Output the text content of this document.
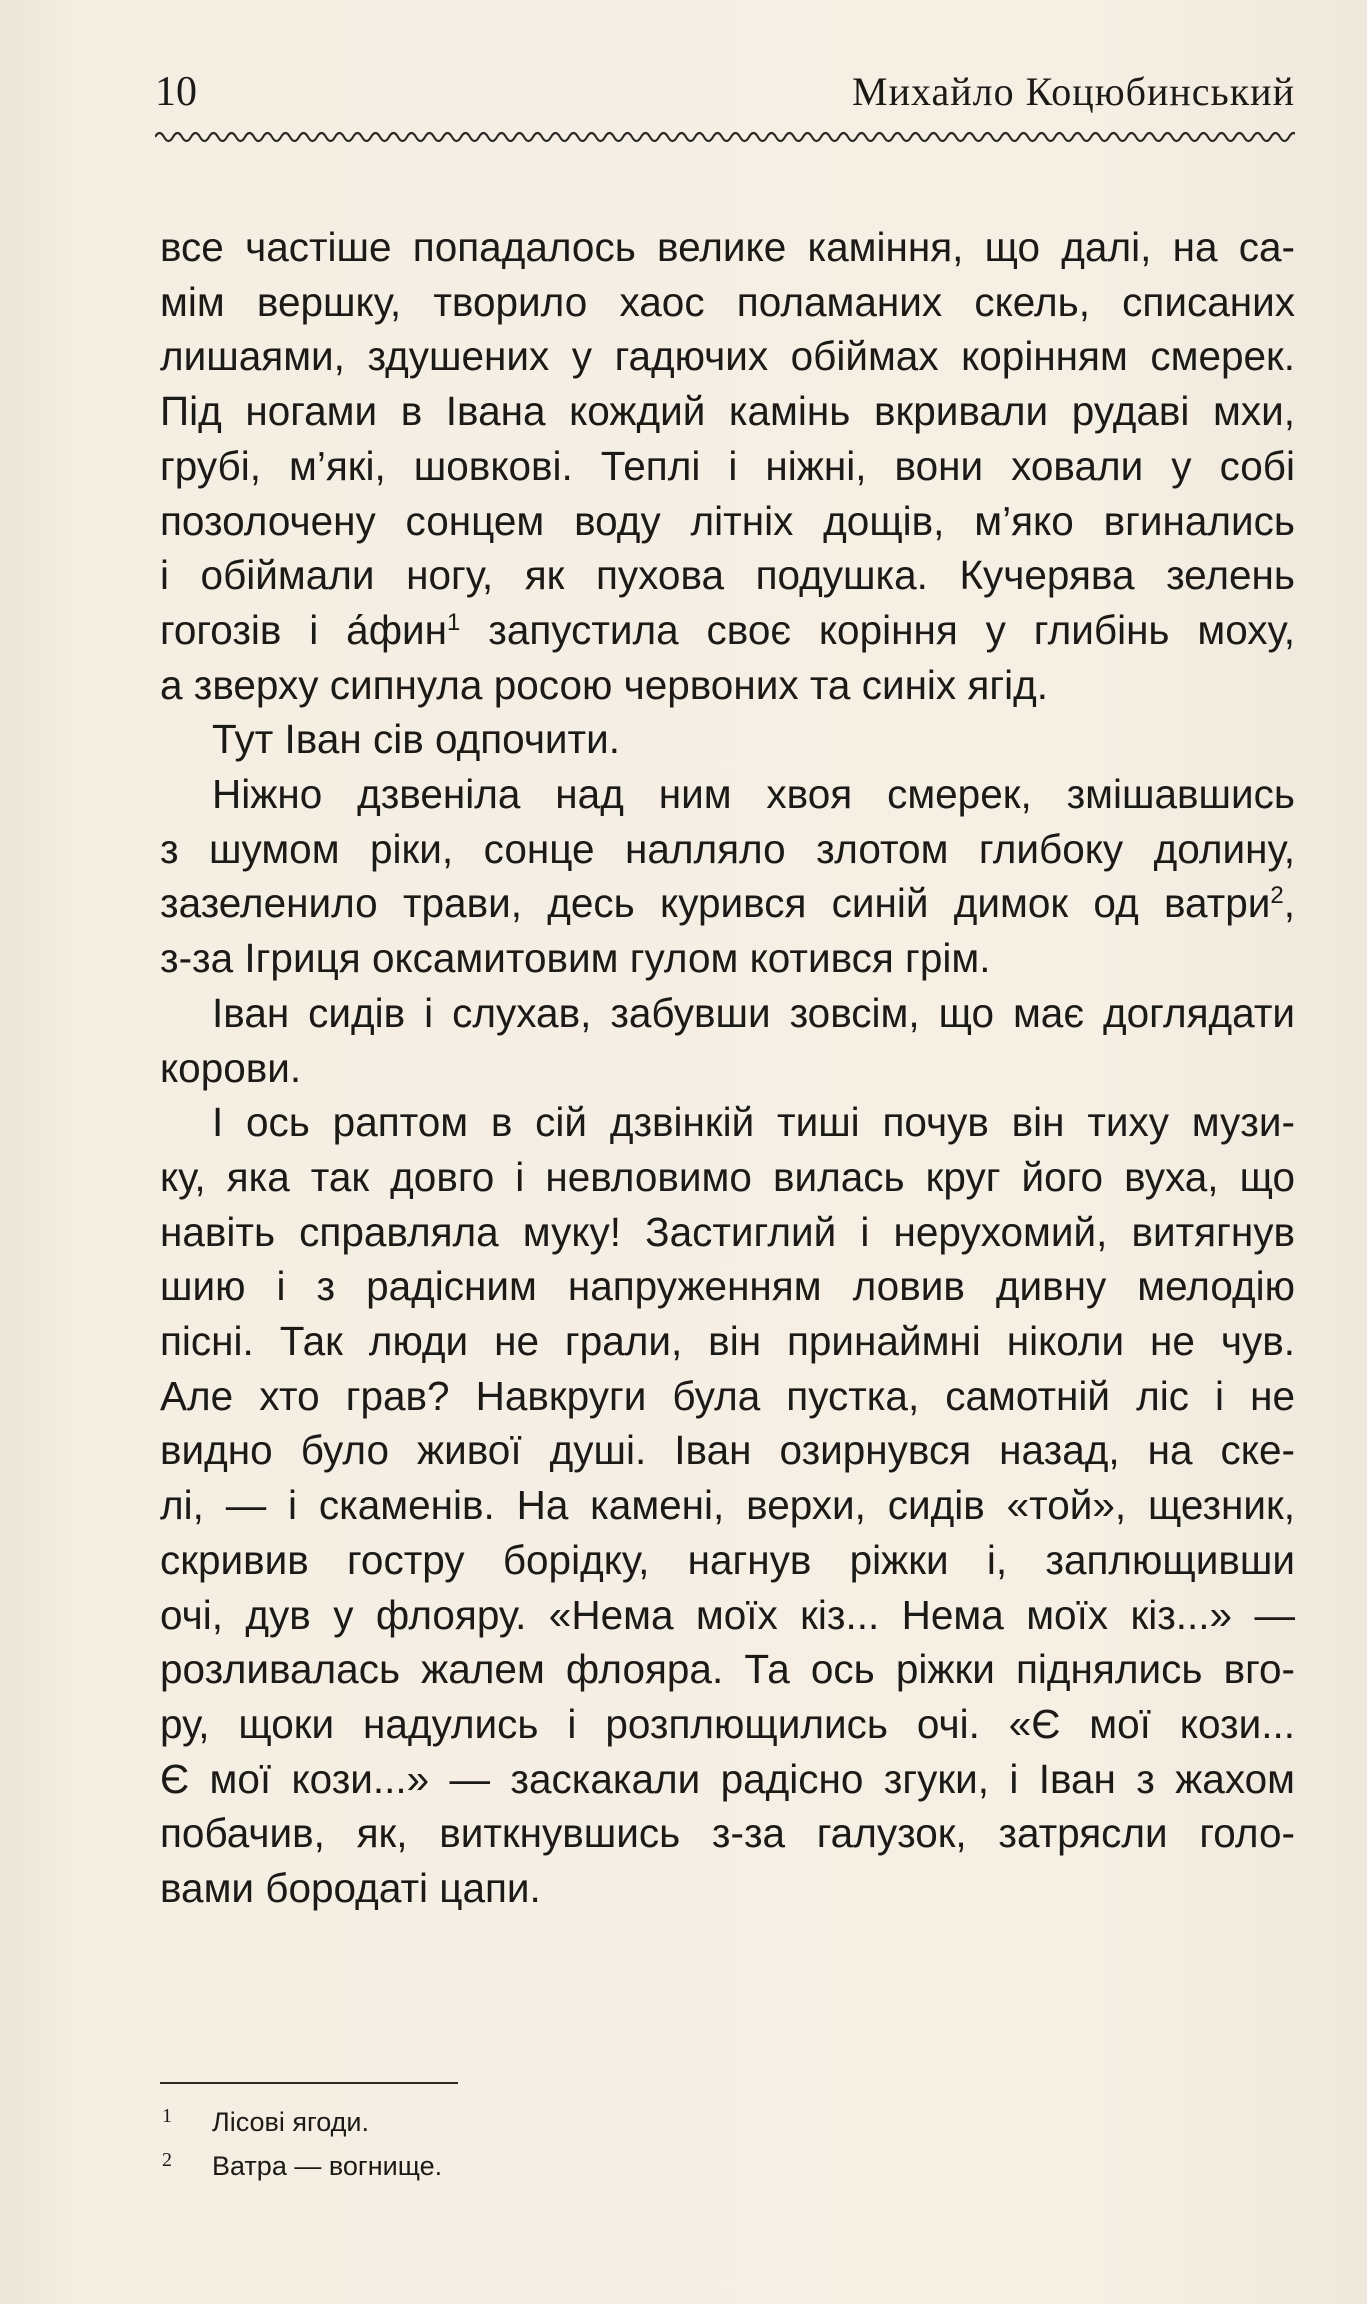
10	Михайло Коцюбинський
все частіше попадалось велике каміння, що далі, на са-
мім вершку, творило хаос поламаних скель, списаних
лишаями, здушених у гадючих обіймах корінням смерек.
Під ногами в Івана кождий камінь вкривали рудаві мхи,
грубі, м’які, шовкові. Теплі і ніжні, вони ховали у собі
позолочену сонцем воду літніх дощів, м’яко вгинались
і обіймали ногу, як пухова подушка. Кучерява зелень
гогозів і а́фин$^1$ запустила своє коріння у глибінь моху,
а зверху сипнула росою червоних та синіх ягід.
Тут Іван сів одпочити.
Ніжно дзвеніла над ним хвоя смерек, змішавшись
з шумом ріки, сонце налляло злотом глибоку долину,
зазеленило трави, десь курився синій димок од ватри$^2$,
з-за Ігриця оксамитовим гулом котився грім.
Іван сидів і слухав, забувши зовсім, що має доглядати
корови.
І ось раптом в сій дзвінкій тиші почув він тиху музи-
ку, яка так довго і невловимо вилась круг його вуха, що
навіть справляла муку! Застиглий і нерухомий, витягнув
шию і з радісним напруженням ловив дивну мелодію
пісні. Так люди не грали, він принаймні ніколи не чув.
Але хто грав? Навкруги була пустка, самотній ліс і не
видно було живої душі. Іван озирнувся назад, на ске-
лі, — і скаменів. На камені, верхи, сидів «той», щезник,
скривив гостру борідку, нагнув ріжки і, заплющивши
очі, дув у флояру. «Нема моїх кіз... Нема моїх кіз...» —
розливалась жалем флояра. Та ось ріжки піднялись вго-
ру, щоки надулись і розплющились очі. «Є мої кози...
Є мої кози...» — заскакали радісно згуки, і Іван з жахом
побачив, як, виткнувшись з-за галузок, затрясли голо-
вами бородаті цапи.
1 Лісові ягоди.
2 Ватра — вогнище.
